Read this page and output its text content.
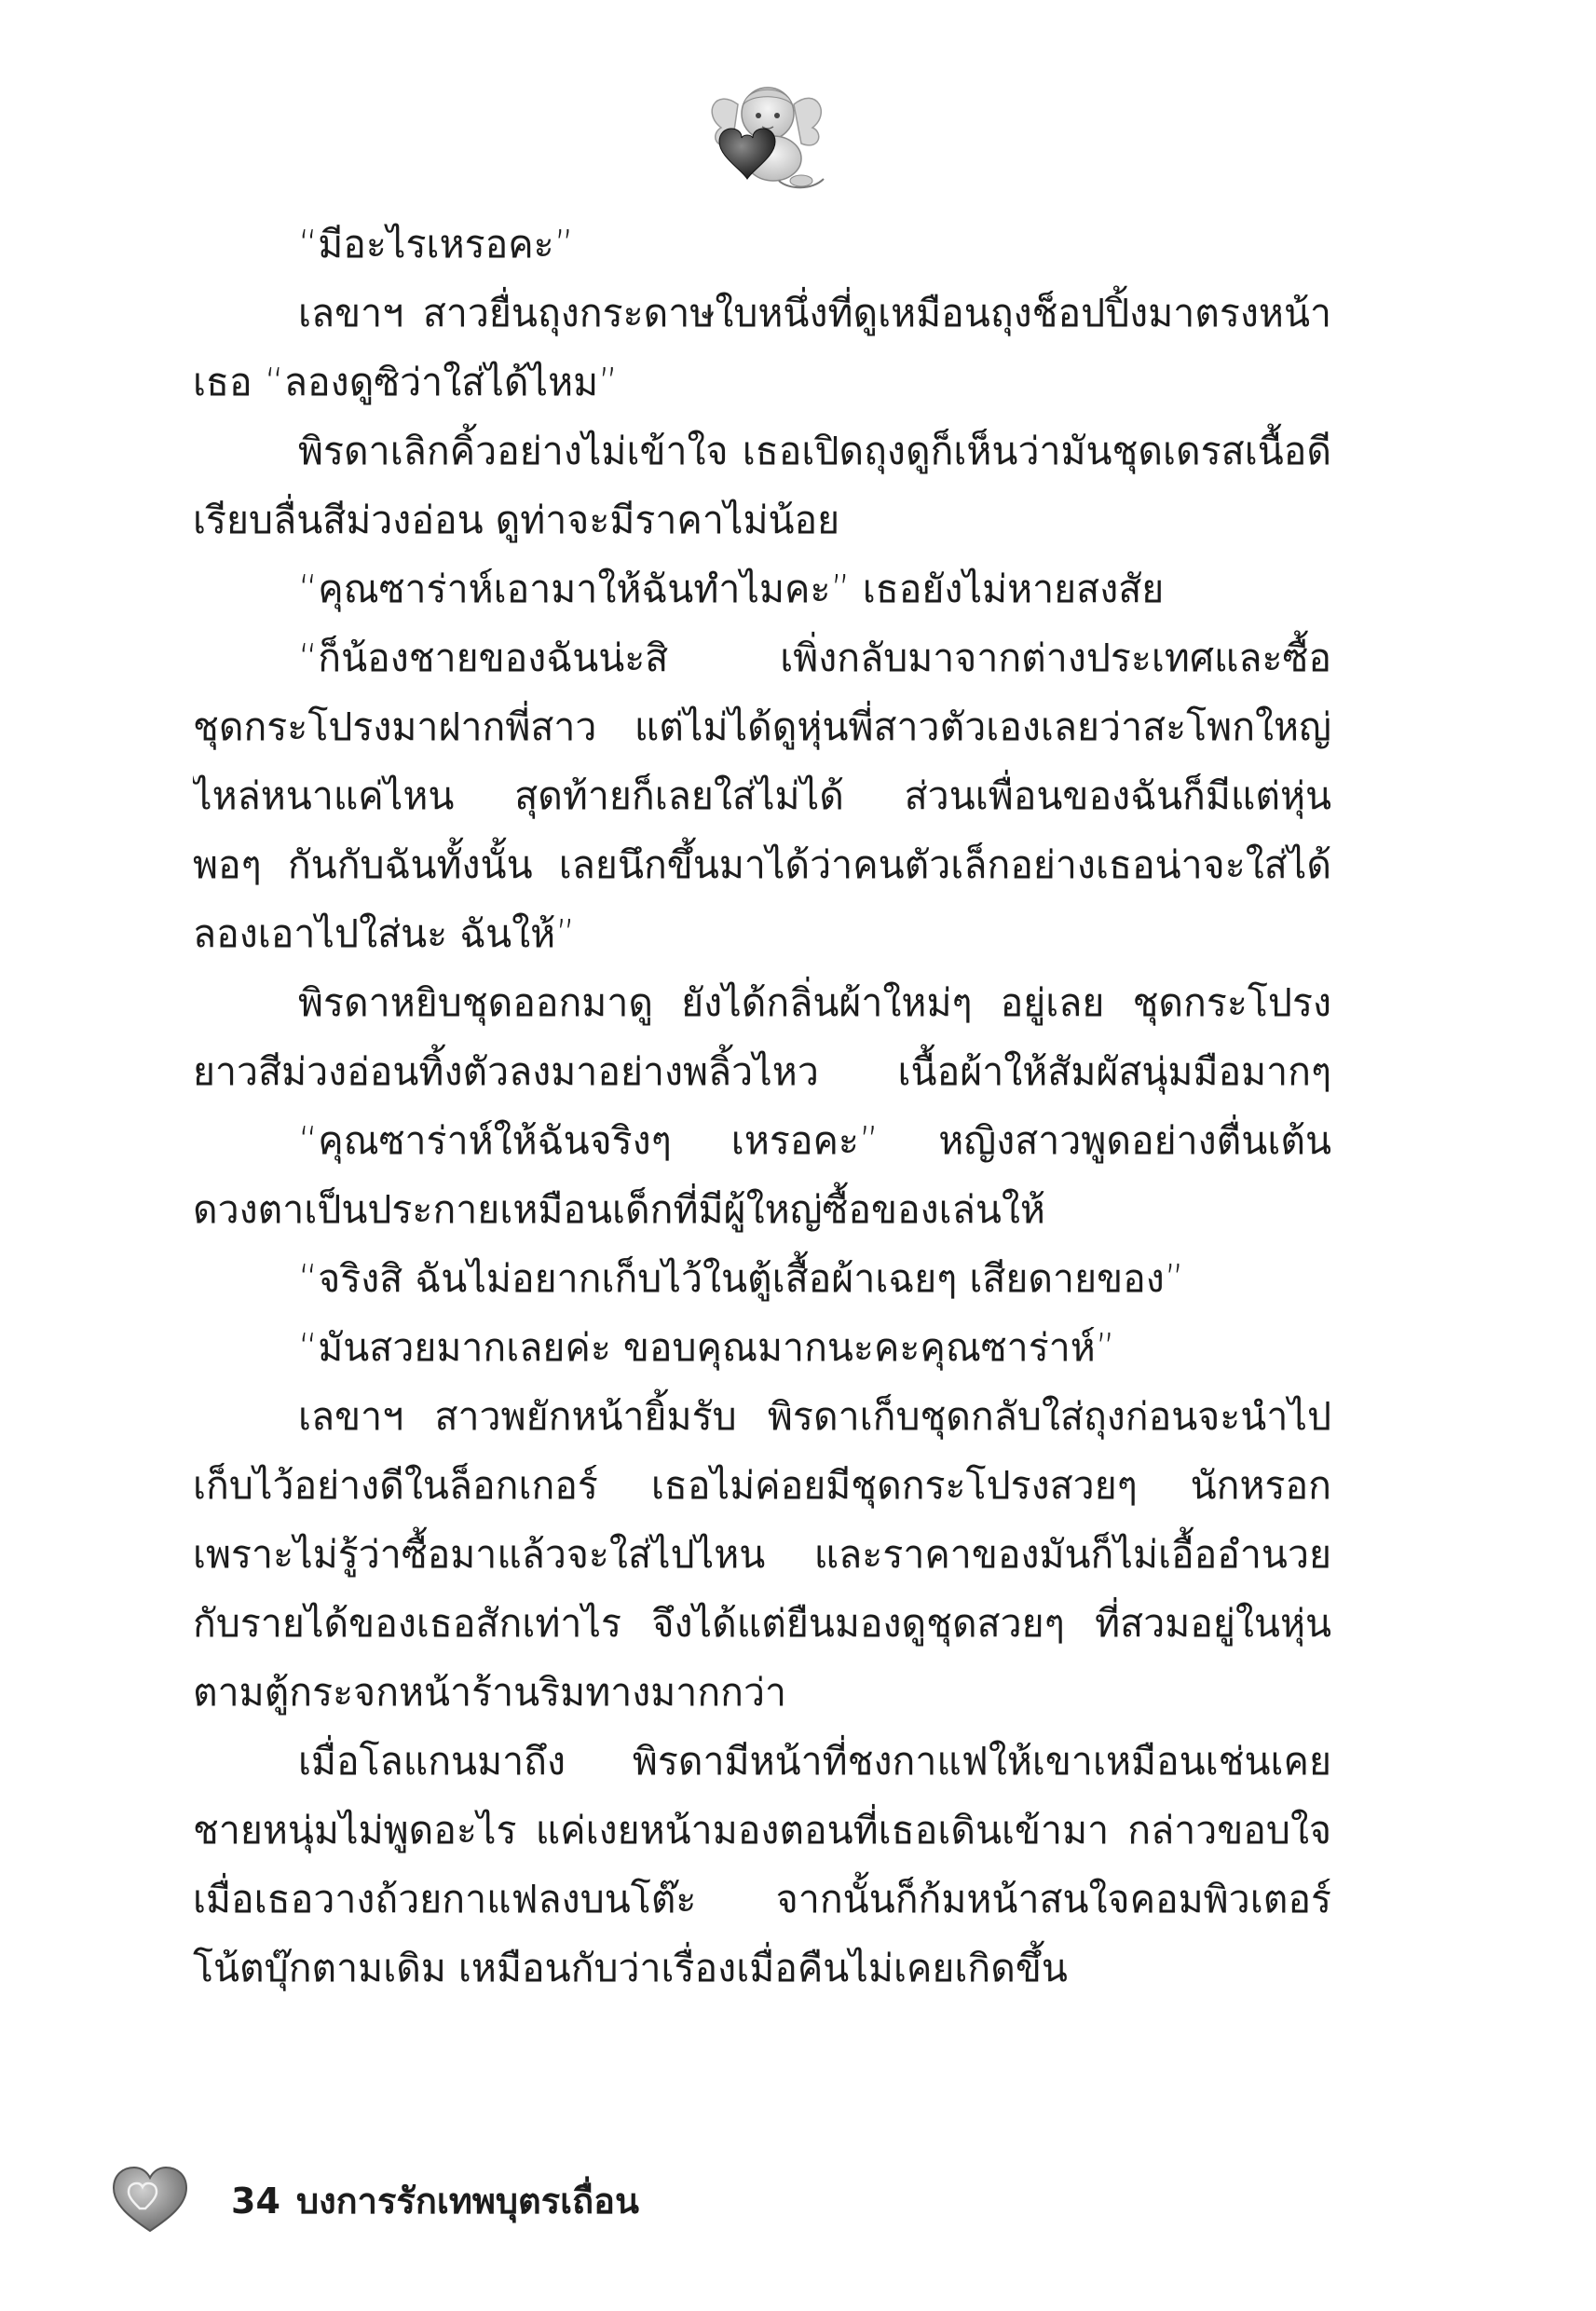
“มีอะไรเหรอคะ”
เลขาฯ สาวยื่นถุงกระดาษใบหนึ่งที่ดูเหมือนถุงช็อปปิ้งมาตรงหน้า
เธอ “ลองดูซิว่าใส่ได้ไหม”
พิรดาเลิกคิ้วอย่างไม่เข้าใจ เธอเปิดถุงดูก็เห็นว่ามันชุดเดรสเนื้อดี
เรียบลื่นสีม่วงอ่อน ดูท่าจะมีราคาไม่น้อย
“คุณซาร่าห์เอามาให้ฉันทำไมคะ” เธอยังไม่หายสงสัย
“ก็น้องชายของฉันน่ะสิ เพิ่งกลับมาจากต่างประเทศและซื้อ
ชุดกระโปรงมาฝากพี่สาว แต่ไม่ได้ดูหุ่นพี่สาวตัวเองเลยว่าสะโพกใหญ่
ไหล่หนาแค่ไหน สุดท้ายก็เลยใส่ไม่ได้ ส่วนเพื่อนของฉันก็มีแต่หุ่น
พอๆ กันกับฉันทั้งนั้น เลยนึกขึ้นมาได้ว่าคนตัวเล็กอย่างเธอน่าจะใส่ได้
ลองเอาไปใส่นะ ฉันให้”
พิรดาหยิบชุดออกมาดู ยังได้กลิ่นผ้าใหม่ๆ อยู่เลย ชุดกระโปรง
ยาวสีม่วงอ่อนทิ้งตัวลงมาอย่างพลิ้วไหว เนื้อผ้าให้สัมผัสนุ่มมือมากๆ
“คุณซาร่าห์ให้ฉันจริงๆ เหรอคะ” หญิงสาวพูดอย่างตื่นเต้น
ดวงตาเป็นประกายเหมือนเด็กที่มีผู้ใหญ่ซื้อของเล่นให้
“จริงสิ ฉันไม่อยากเก็บไว้ในตู้เสื้อผ้าเฉยๆ เสียดายของ”
“มันสวยมากเลยค่ะ ขอบคุณมากนะคะคุณซาร่าห์”
เลขาฯ สาวพยักหน้ายิ้มรับ พิรดาเก็บชุดกลับใส่ถุงก่อนจะนำไป
เก็บไว้อย่างดีในล็อกเกอร์ เธอไม่ค่อยมีชุดกระโปรงสวยๆ นักหรอก
เพราะไม่รู้ว่าซื้อมาแล้วจะใส่ไปไหน และราคาของมันก็ไม่เอื้ออำนวย
กับรายได้ของเธอสักเท่าไร จึงได้แต่ยืนมองดูชุดสวยๆ ที่สวมอยู่ในหุ่น
ตามตู้กระจกหน้าร้านริมทางมากกว่า
เมื่อโลแกนมาถึง พิรดามีหน้าที่ชงกาแฟให้เขาเหมือนเช่นเคย
ชายหนุ่มไม่พูดอะไร แค่เงยหน้ามองตอนที่เธอเดินเข้ามา กล่าวขอบใจ
เมื่อเธอวางถ้วยกาแฟลงบนโต๊ะ จากนั้นก็ก้มหน้าสนใจคอมพิวเตอร์
โน้ตบุ๊กตามเดิม เหมือนกับว่าเรื่องเมื่อคืนไม่เคยเกิดขึ้น
34 บงการรักเทพบุตรเถื่อน
